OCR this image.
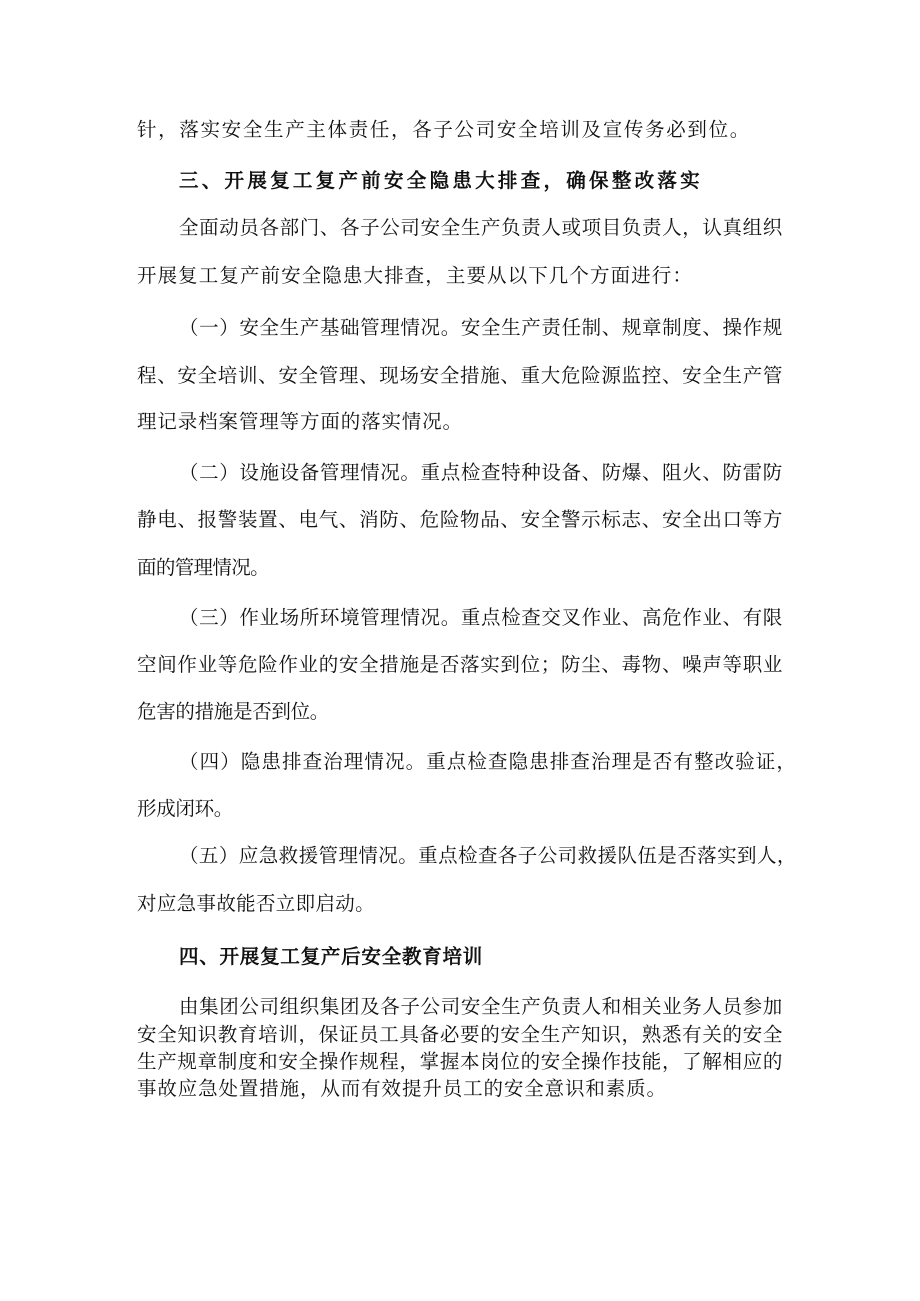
针，落实安全生产主体责任，各子公司安全培训及宣传务必到位。
三、开展复工复产前安全隐患大排查，确保整改落实
全面动员各部门、各子公司安全生产负责人或项目负责人，认真组织
开展复工复产前安全隐患大排查，主要从以下几个方面进行：
（一）安全生产基础管理情况。安全生产责任制、规章制度、操作规
程、安全培训、安全管理、现场安全措施、重大危险源监控、安全生产管
理记录档案管理等方面的落实情况。
（二）设施设备管理情况。重点检查特种设备、防爆、阻火、防雷防
静电、报警装置、电气、消防、危险物品、安全警示标志、安全出口等方
面的管理情况。
（三）作业场所环境管理情况。重点检查交叉作业、高危作业、有限
空间作业等危险作业的安全措施是否落实到位；防尘、毒物、噪声等职业
危害的措施是否到位。
（四）隐患排查治理情况。重点检查隐患排查治理是否有整改验证，
形成闭环。
（五）应急救援管理情况。重点检查各子公司救援队伍是否落实到人，
对应急事故能否立即启动。
四、开展复工复产后安全教育培训
由集团公司组织集团及各子公司安全生产负责人和相关业务人员参加
安全知识教育培训，保证员工具备必要的安全生产知识，熟悉有关的安全
生产规章制度和安全操作规程，掌握本岗位的安全操作技能，了解相应的
事故应急处置措施，从而有效提升员工的安全意识和素质。
